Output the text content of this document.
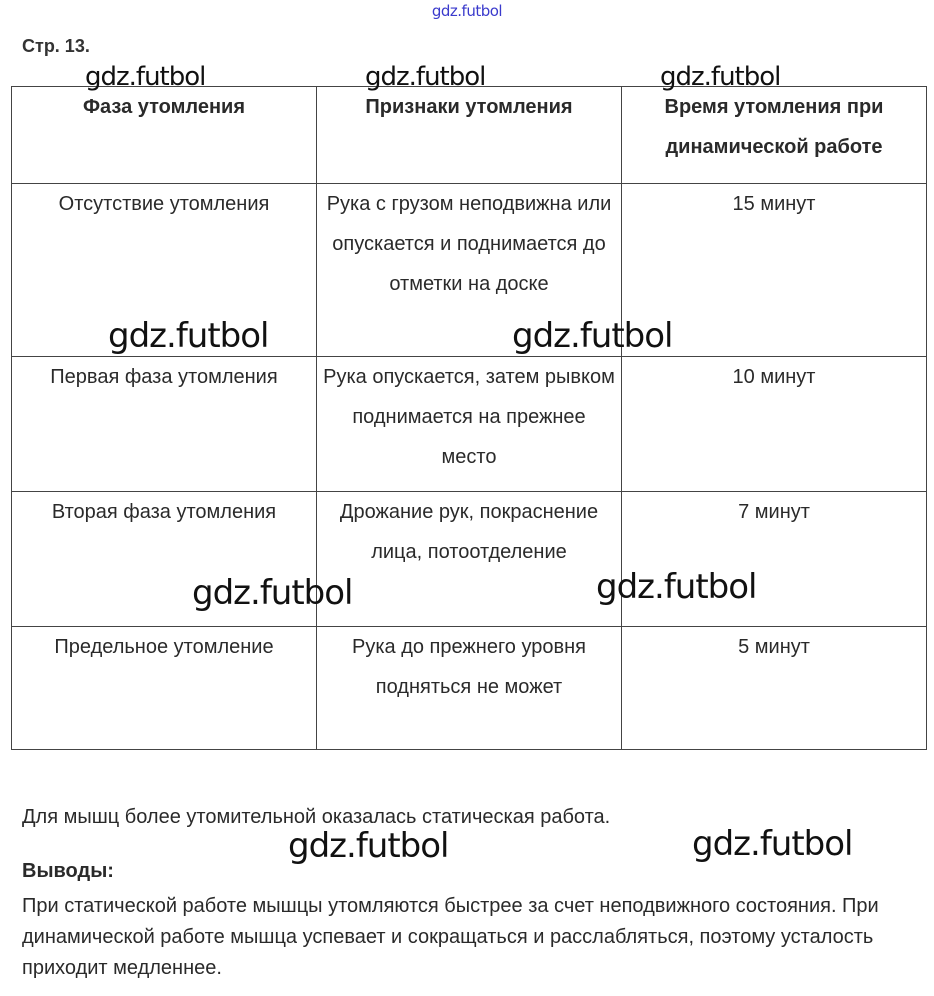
gdz.futbol
Стр. 13.
Фаза утомления	Признаки утомления	Время утомления при динамической работе
Отсутствие утомления	Рука с грузом неподвижна или опускается и поднимается до отметки на доске	15 минут
Первая фаза утомления	Рука опускается, затем рывком поднимается на прежнее место	10 минут
Вторая фаза утомления	Дрожание рук, покраснение лица, потоотделение	7 минут
Предельное утомление	Рука до прежнего уровня подняться не может	5 минут
Для мышц более утомительной оказалась статическая работа.
Выводы:
При статической работе мышцы утомляются быстрее за счет неподвижного состояния. При динамической работе мышца успевает и сокращаться и расслабляться, поэтому усталость приходит медленнее.
gdz.futbol	gdz.futbol	gdz.futbol
gdz.futbol	gdz.futbol
gdz.futbol	gdz.futbol
gdz.futbol	gdz.futbol
